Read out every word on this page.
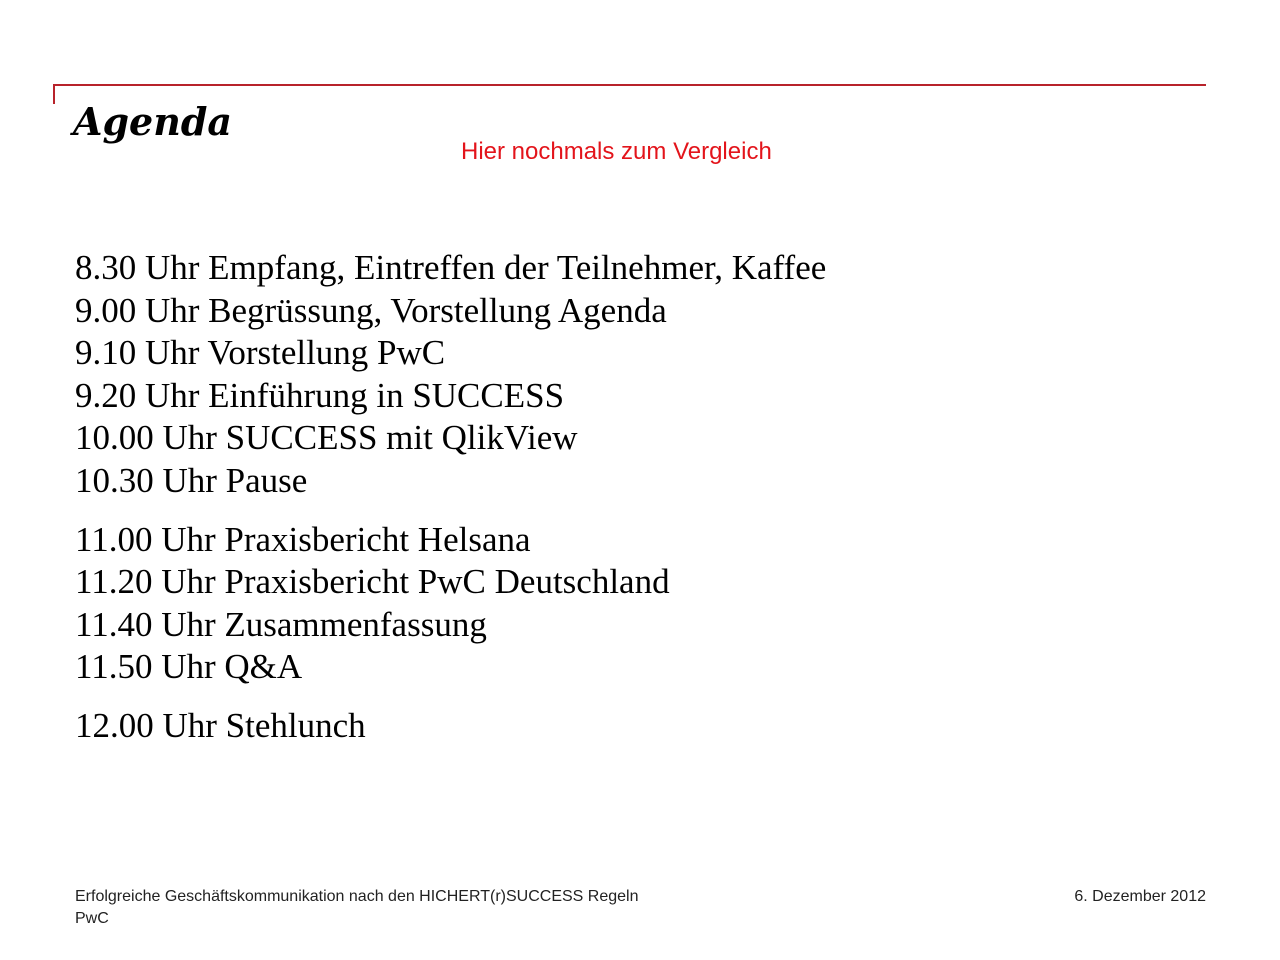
Agenda
Hier nochmals zum Vergleich
8.30 Uhr Empfang, Eintreffen der Teilnehmer, Kaffee
9.00 Uhr Begrüssung, Vorstellung Agenda
9.10 Uhr Vorstellung PwC
9.20 Uhr Einführung in SUCCESS
10.00 Uhr SUCCESS mit QlikView
10.30 Uhr Pause
11.00 Uhr Praxisbericht Helsana
11.20 Uhr Praxisbericht PwC Deutschland
11.40 Uhr Zusammenfassung
11.50 Uhr Q&A
12.00 Uhr Stehlunch
Erfolgreiche Geschäftskommunikation nach den HICHERT(r)SUCCESS Regeln
PwC
6. Dezember 2012
